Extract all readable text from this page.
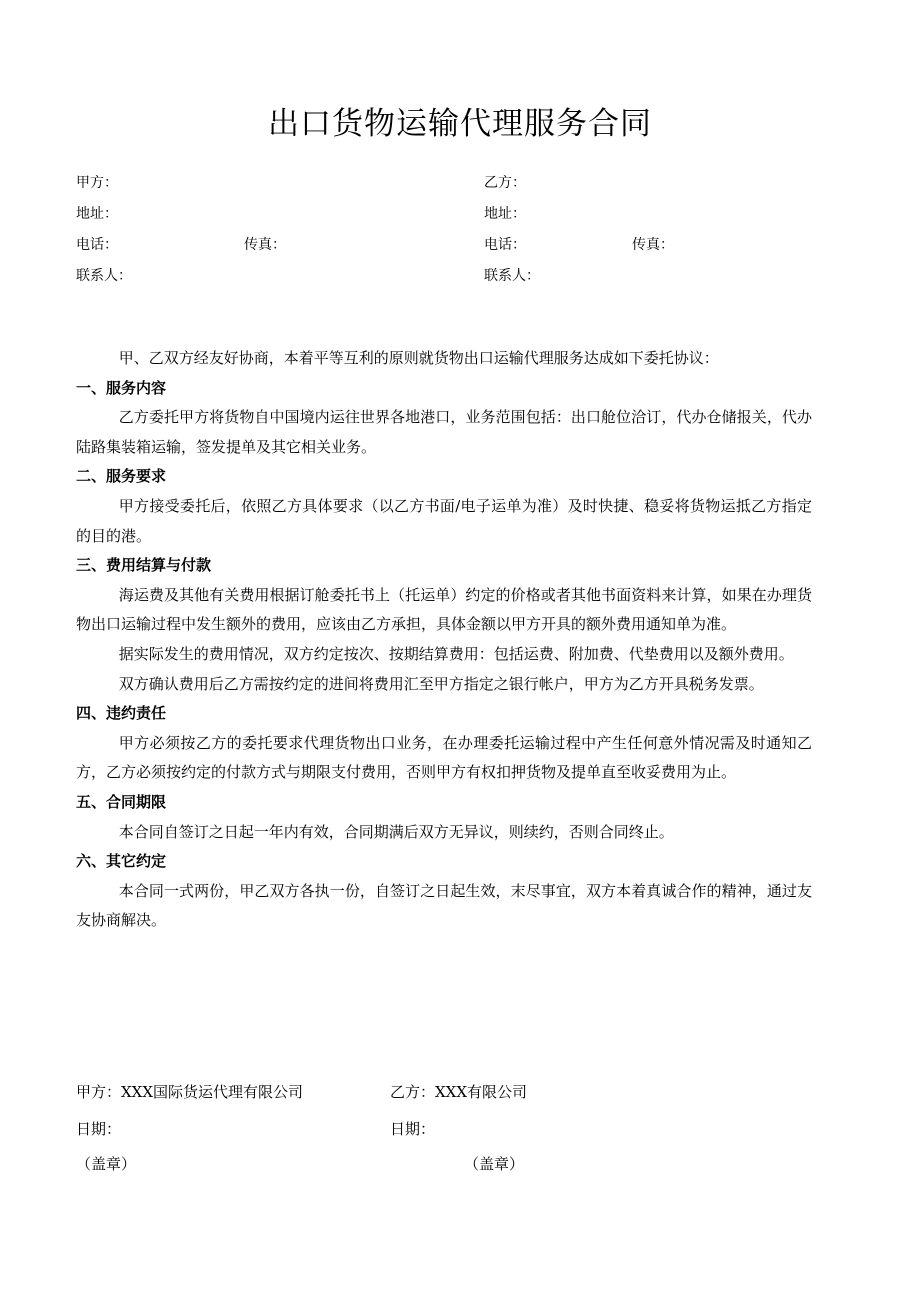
出口货物运输代理服务合同
甲方：	乙方：
地址：	地址：
电话：	传真：	电话：	传真：
联系人：	联系人：

甲、乙双方经友好协商，本着平等互利的原则就货物出口运输代理服务达成如下委托协议：

一、服务内容

乙方委托甲方将货物自中国境内运往世界各地港口，业务范围包括：出口舱位洽订，代办仓储报关，代办陆路集装箱运输，签发提单及其它相关业务。

二、服务要求

甲方接受委托后，依照乙方具体要求（以乙方书面/电子运单为准）及时快捷、稳妥将货物运抵乙方指定的目的港。

三、费用结算与付款

海运费及其他有关费用根据订舱委托书上（托运单）约定的价格或者其他书面资料来计算，如果在办理货物出口运输过程中发生额外的费用，应该由乙方承担，具体金额以甲方开具的额外费用通知单为准。

据实际发生的费用情况，双方约定按次、按期结算费用：包括运费、附加费、代垫费用以及额外费用。

双方确认费用后乙方需按约定的进间将费用汇至甲方指定之银行帐户，甲方为乙方开具税务发票。

四、违约责任

甲方必须按乙方的委托要求代理货物出口业务，在办理委托运输过程中产生任何意外情况需及时通知乙方，乙方必须按约定的付款方式与期限支付费用，否则甲方有权扣押货物及提单直至收妥费用为止。

五、合同期限

本合同自签订之日起一年内有效，合同期满后双方无异议，则续约，否则合同终止。

六、其它约定

本合同一式两份，甲乙双方各执一份，自签订之日起生效，末尽事宜，双方本着真诚合作的精神，通过友友协商解决。

甲方：XXX国际货运代理有限公司	乙方：XXX有限公司
日期：	日期：
（盖章）	（盖章）
